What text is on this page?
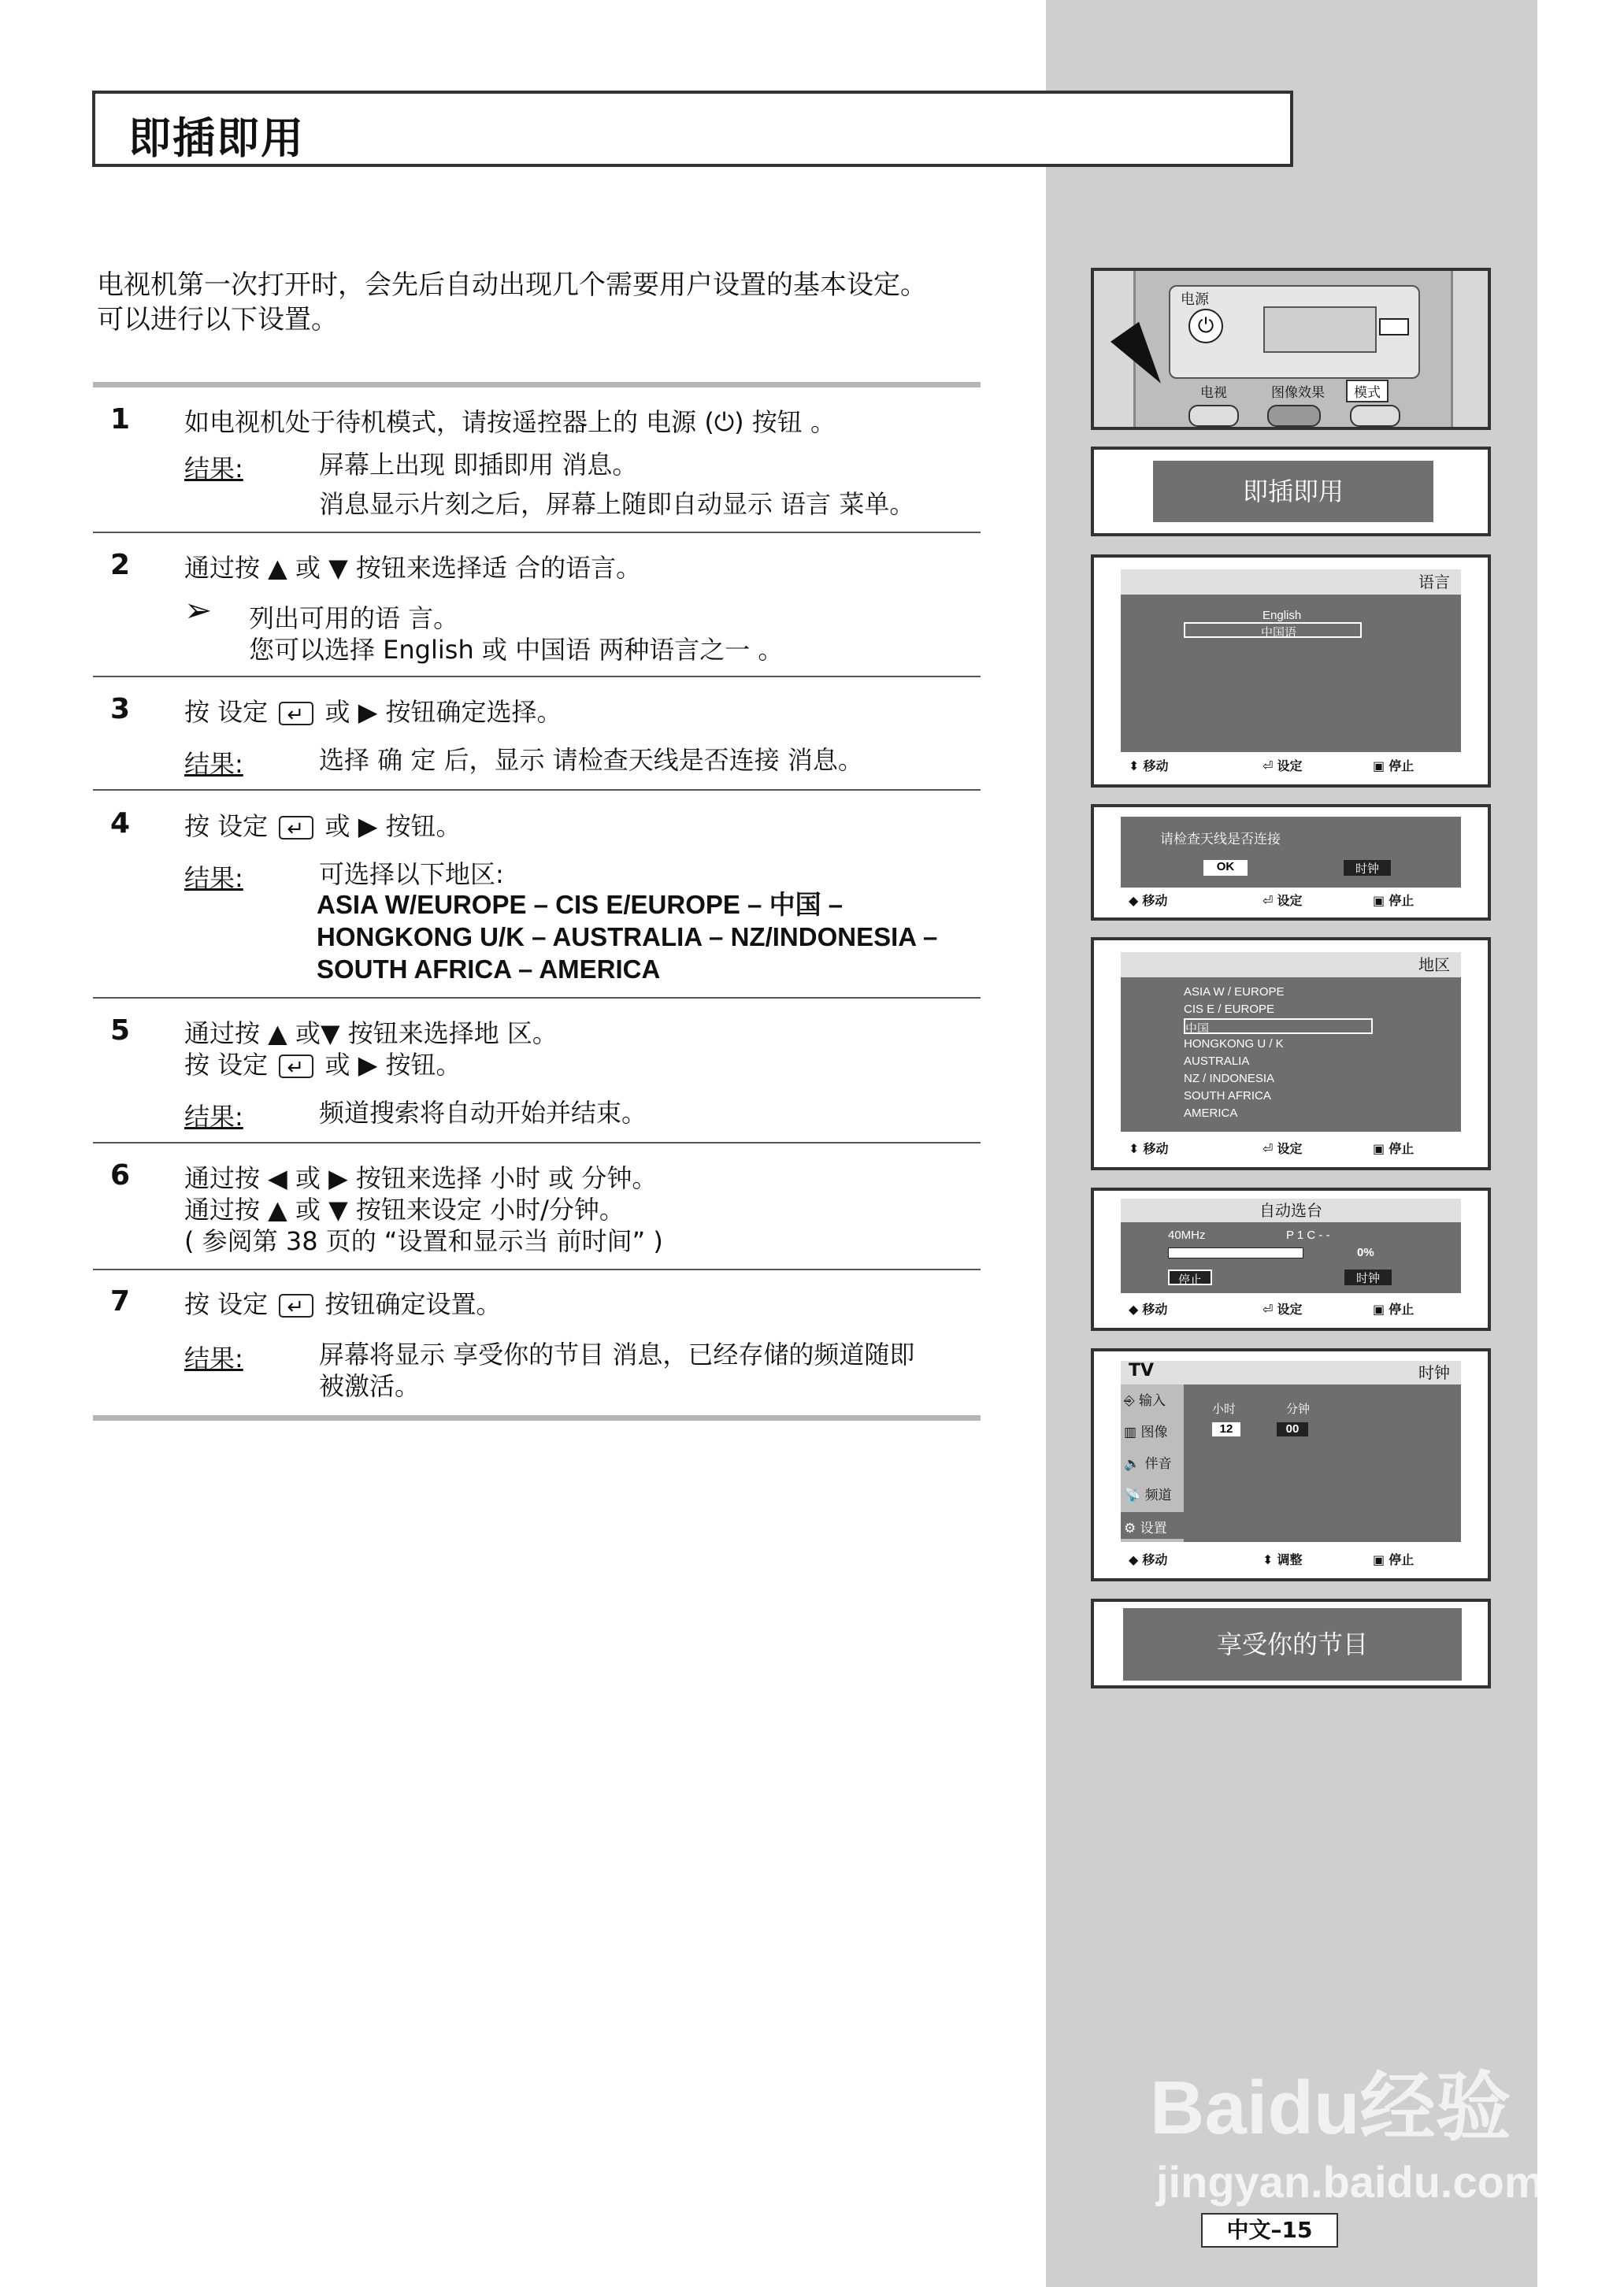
即插即用
电视机第一次打开时，会先后自动出现几个需要用户设置的基本设定。
可以进行以下设置。
1 如电视机处于待机模式，请按遥控器上的 电源 (⏻) 按钮 。
结果:	屏幕上出现 即插即用 消息。
消息显示片刻之后，屏幕上随即自动显示 语言 菜单。
2 通过按 ▲ 或 ▼ 按钮来选择适 合的语言。
➢ 列出可用的语 言。
您可以选择 English 或 中国语 两种语言之一 。
3 按 设定 ↵ 或 ▶ 按钮确定选择。
结果:	选择 确 定 后，显示 请检查天线是否连接 消息。
4 按 设定 ↵ 或 ▶ 按钮。
结果:	可选择以下地区:
ASIA W/EUROPE – CIS E/EUROPE – 中国 –
HONGKONG U/K – AUSTRALIA – NZ/INDONESIA –
SOUTH AFRICA – AMERICA
5 通过按 ▲ 或▼ 按钮来选择地 区。
按 设定 ↵ 或 ▶ 按钮。
结果:	频道搜索将自动开始并结束。
6 通过按 ◀ 或 ▶ 按钮来选择 小时 或 分钟。
通过按 ▲ 或 ▼ 按钮来设定 小时/分钟。
( 参阅第 38 页的 “设置和显示当 前时间” )
7 按 设定 ↵ 按钮确定设置。
结果:	屏幕将显示 享受你的节目 消息，已经存储的频道随即
被激活。
电源
⏻
电视	图像效果	模式
即插即用
语言
English
中国语
⬍ 移动	⏎ 设定	▣ 停止
请检查天线是否连接
OK	时钟
◆ 移动	⏎ 设定	▣ 停止
地区
ASIA W / EUROPE
CIS E / EUROPE
中国
HONGKONG U / K
AUSTRALIA
NZ / INDONESIA
SOUTH AFRICA
AMERICA
⬍ 移动	⏎ 设定	▣ 停止
自动选台
40MHz	P 1 C - -
0%
停止	时钟
◆ 移动	⏎ 设定	▣ 停止
TV	时钟
⎆ 输入
▥ 图像
🔈 伴音
📡 频道
⚙ 设置
小时	分钟
12	00
◆ 移动	⬍ 调整	▣ 停止
享受你的节目
Baidu经验
jingyan.baidu.com
中文–15
